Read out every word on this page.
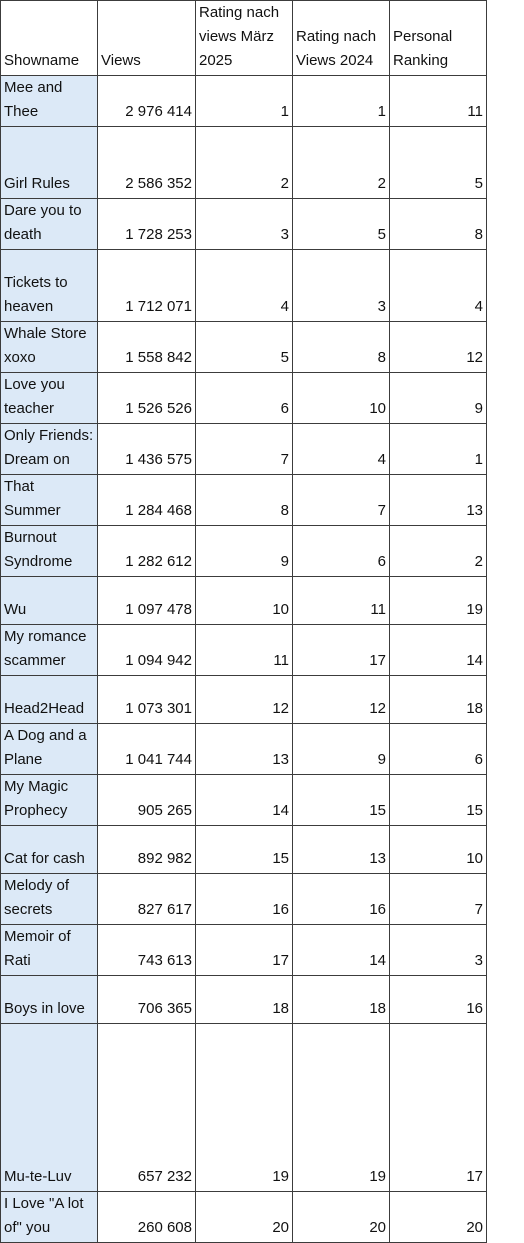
Showname	Views	Rating nach views März 2025	Rating nach Views 2024	Personal Ranking
Mee and Thee	2 976 414	1	1	11
Girl Rules	2 586 352	2	2	5
Dare you to death	1 728 253	3	5	8
Tickets to heaven	1 712 071	4	3	4
Whale Store xoxo	1 558 842	5	8	12
Love you teacher	1 526 526	6	10	9
Only Friends: Dream on	1 436 575	7	4	1
That Summer	1 284 468	8	7	13
Burnout Syndrome	1 282 612	9	6	2
Wu	1 097 478	10	11	19
My romance scammer	1 094 942	11	17	14
Head2Head	1 073 301	12	12	18
A Dog and a Plane	1 041 744	13	9	6
My Magic Prophecy	905 265	14	15	15
Cat for cash	892 982	15	13	10
Melody of secrets	827 617	16	16	7
Memoir of Rati	743 613	17	14	3
Boys in love	706 365	18	18	16
Mu-te-Luv	657 232	19	19	17
I Love "A lot of" you	260 608	20	20	20
